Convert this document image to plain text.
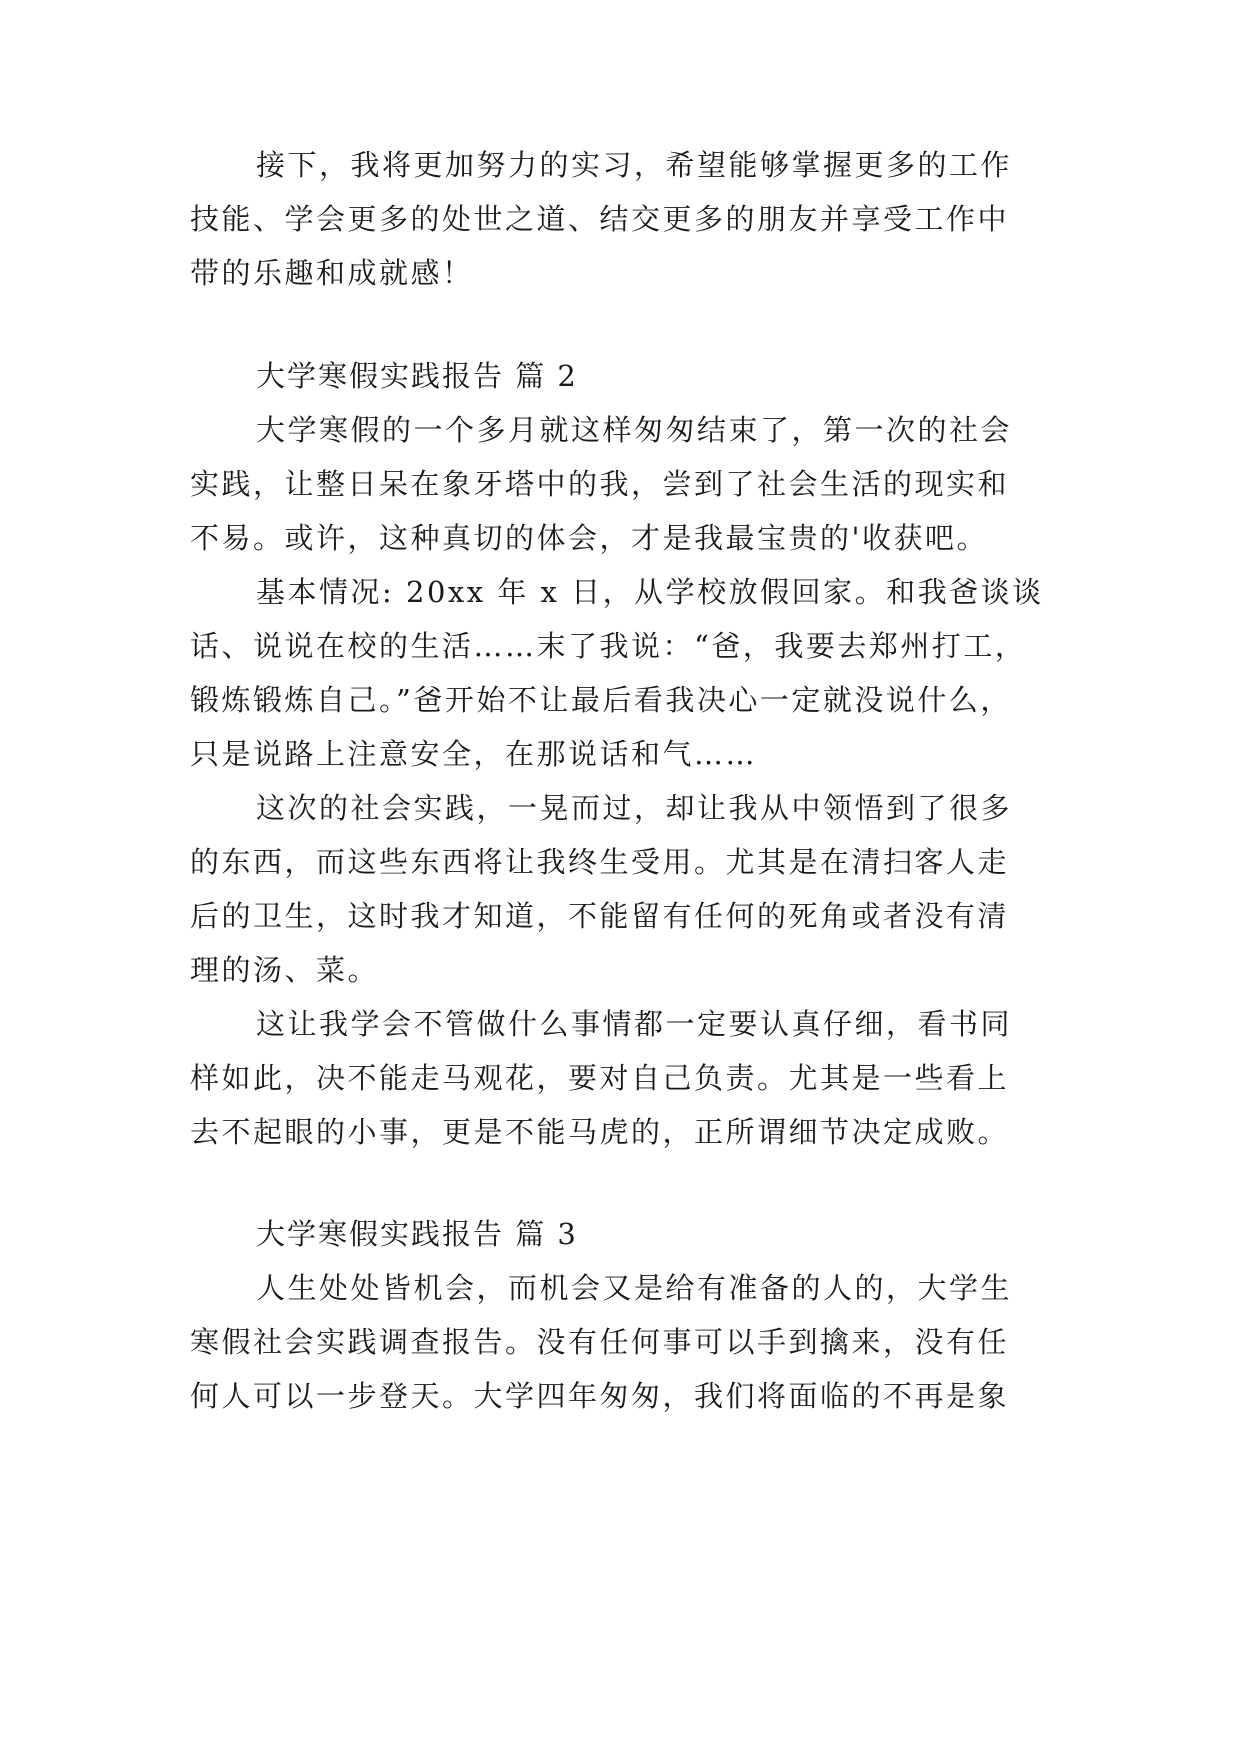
接下，我将更加努力的实习，希望能够掌握更多的工作
技能、学会更多的处世之道、结交更多的朋友并享受工作中
带的乐趣和成就感！
大学寒假实践报告 篇 2
大学寒假的一个多月就这样匆匆结束了，第一次的社会
实践，让整日呆在象牙塔中的我，尝到了社会生活的现实和
不易。或许，这种真切的体会，才是我最宝贵的'收获吧。
基本情况: 20xx 年 x 日，从学校放假回家。和我爸谈谈
话、说说在校的生活……末了我说：“爸，我要去郑州打工，
锻炼锻炼自己。”爸开始不让最后看我决心一定就没说什么，
只是说路上注意安全，在那说话和气……
这次的社会实践，一晃而过，却让我从中领悟到了很多
的东西，而这些东西将让我终生受用。尤其是在清扫客人走
后的卫生，这时我才知道，不能留有任何的死角或者没有清
理的汤、菜。
这让我学会不管做什么事情都一定要认真仔细，看书同
样如此，决不能走马观花，要对自己负责。尤其是一些看上
去不起眼的小事，更是不能马虎的，正所谓细节决定成败。
大学寒假实践报告 篇 3
人生处处皆机会，而机会又是给有准备的人的，大学生
寒假社会实践调查报告。没有任何事可以手到擒来，没有任
何人可以一步登天。大学四年匆匆，我们将面临的不再是象
